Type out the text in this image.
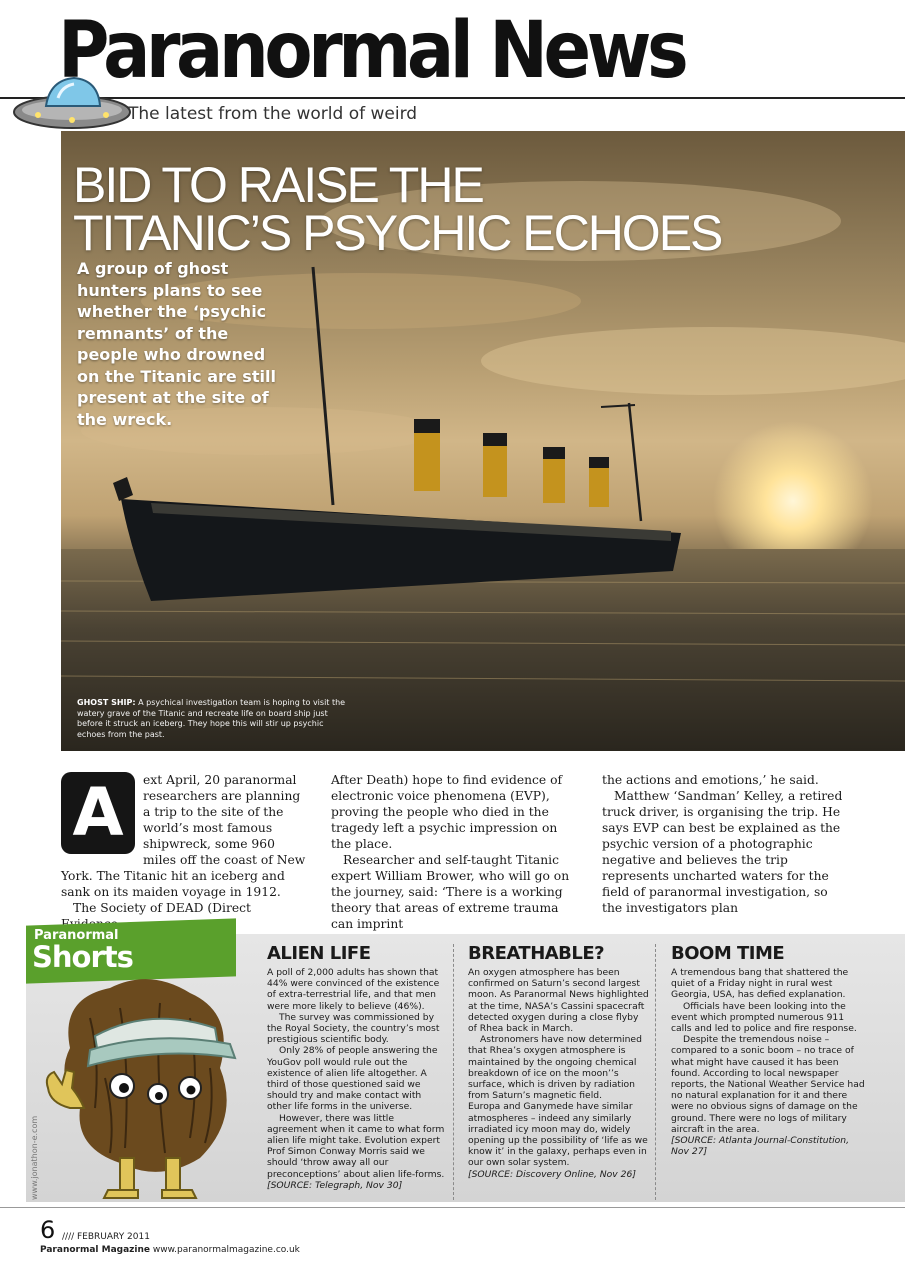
Paranormal News
The latest from the world of weird
BID TO RAISE THE
TITANIC’S PSYCHIC ECHOES
A group of ghost hunters plans to see whether the ‘psychic remnants’ of the people who drowned on the Titanic are still present at the site of the wreck.
GHOST SHIP: A psychical investigation team is hoping to visit the watery grave of the Titanic and recreate life on board ship just before it struck an iceberg. They hope this will stir up psychic echoes from the past.
A	ext April, 20 paranormal researchers are planning a trip to the site of the world’s most famous shipwreck, some 960 miles off the coast of New York. The Titanic hit an iceberg and sank on its maiden voyage in 1912.

The Society of DEAD (Direct

After Death) hope to find evidence of electronic voice phenomena (EVP), proving the people who died in the tragedy left a psychic impression on the place.

Researcher and self-taught Titanic expert William Brower, who will go on the journey, said: ‘There is a working theory that areas of extreme trauma can imprint

the actions and emotions,’ he said.

Matthew ‘Sandman’ Kelley, a retired truck driver, is organising the trip. He says EVP can best be explained as the psychic version of a photographic negative and believes the trip represents uncharted waters for the field of paranormal investigation, so the investigators plan

Paranormal
Shorts
www.jonathon-e.com
ALIEN LIFE

A poll of 2,000 adults has shown that 44% were convinced of the existence of extra-terrestrial life, and that men were more likely to believe (46%).

The survey was commissioned by the Royal Society, the country’s most prestigious scientific body.

Only 28% of people answering the YouGov poll would rule out the existence of alien life altogether. A third of those questioned said we should try and make contact with other life forms in the universe.

However, there was little agreement when it came to what form alien life might take. Evolution expert Prof Simon Conway Morris said we should ‘throw away all our preconceptions’ about alien life-forms.

[SOURCE: Telegraph, Nov 30]

BREATHABLE?

An oxygen atmosphere has been confirmed on Saturn’s second largest moon. As Paranormal News highlighted at the time, NASA’s Cassini spacecraft detected oxygen during a close flyby of Rhea back in March.

Astronomers have now determined that Rhea’s oxygen atmosphere is maintained by the ongoing chemical breakdown of ice on the moon’’s surface, which is driven by radiation from Saturn’s magnetic field.

Europa and Ganymede have similar atmospheres – indeed any similarly irradiated icy moon may do, widely opening up the possibility of ‘life as we know it’ in the galaxy, perhaps even in our own solar system.

[SOURCE: Discovery Online, Nov 26]

BOOM TIME

A tremendous bang that shattered the quiet of a Friday night in rural west Georgia, USA, has defied explanation.

Officials have been looking into the event which prompted numerous 911 calls and led to police and fire response.

Despite the tremendous noise – compared to a sonic boom – no trace of what might have caused it has been found. According to local newspaper reports, the National Weather Service had no natural explanation for it and there were no obvious signs of damage on the ground. There were no logs of military aircraft in the area.

[SOURCE: Atlanta Journal-Constitution, Nov 27]

6 //// FEBRUARY 2011
Paranormal Magazine www.paranormalmagazine.co.uk
